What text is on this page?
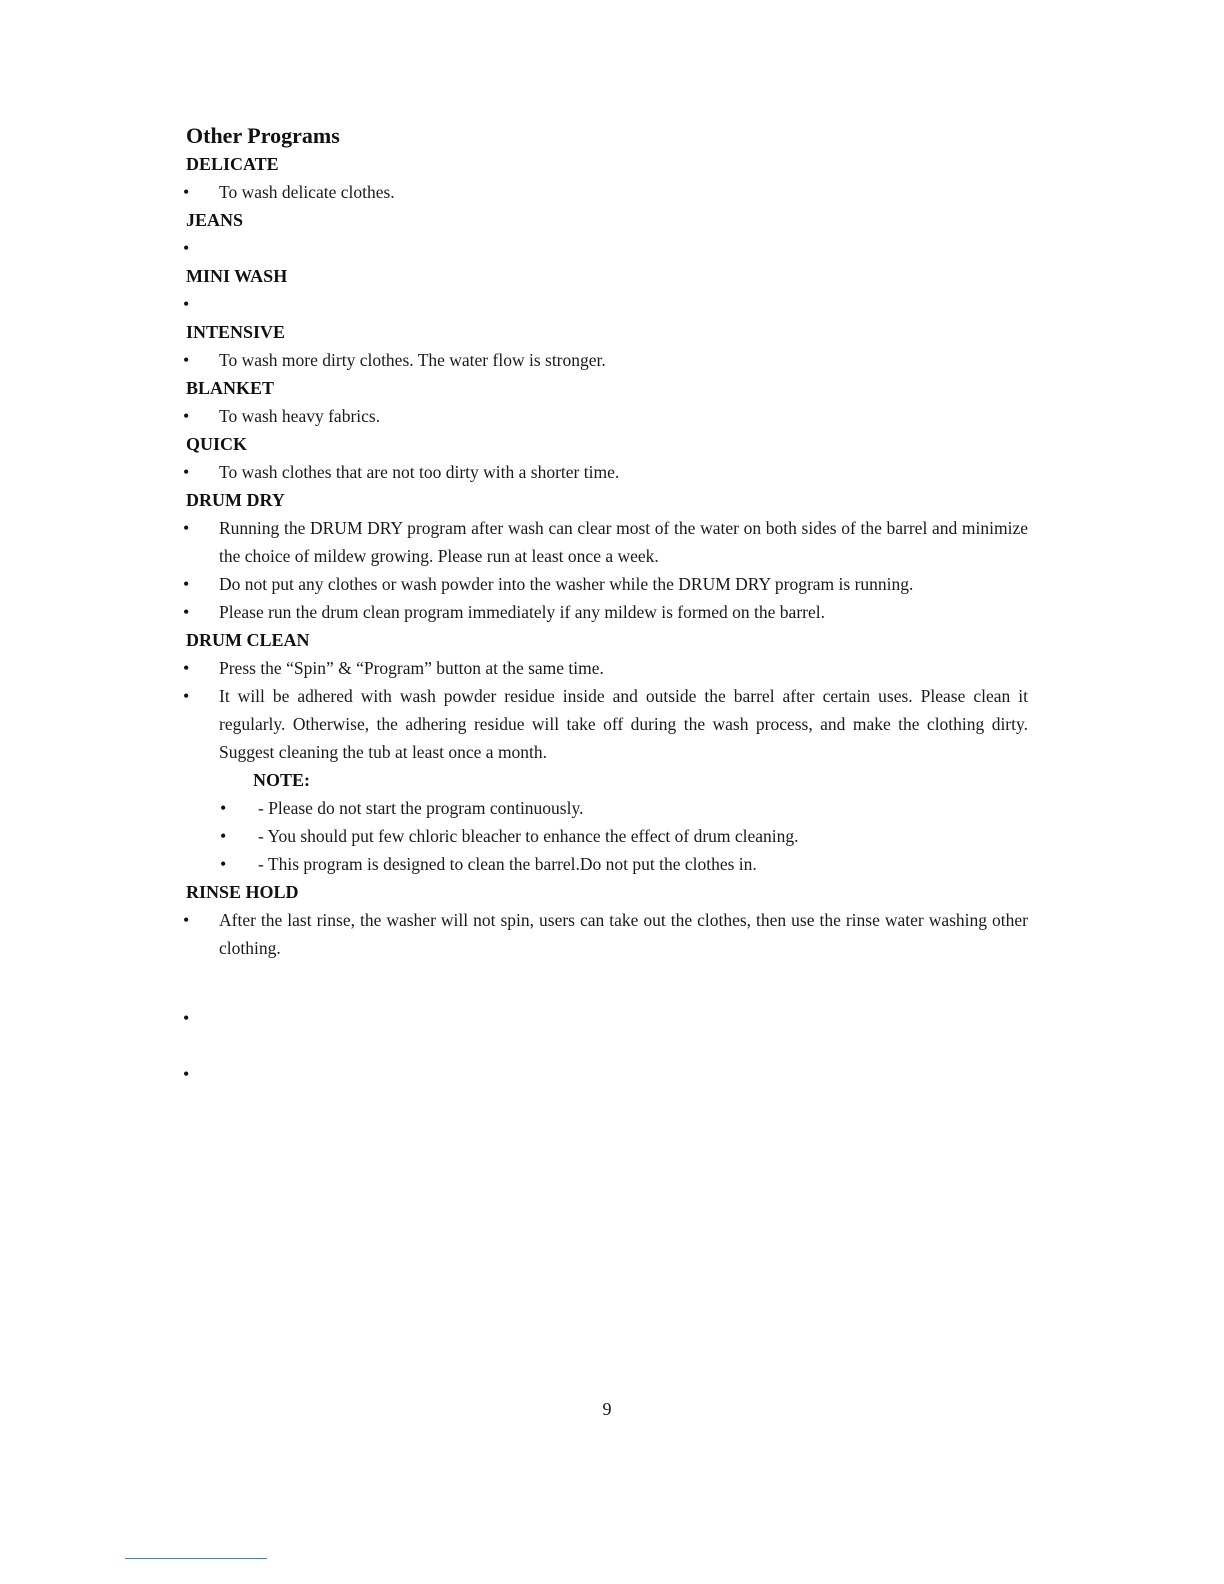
Other Programs
DELICATE
•	To wash delicate clothes.
JEANS
•
MINI WASH
•
INTENSIVE
•	To wash more dirty clothes. The water flow is stronger.
BLANKET
•	To wash heavy fabrics.
QUICK
•	To wash clothes that are not too dirty with a shorter time.
DRUM DRY
•	Running the DRUM DRY program after wash can clear most of the water on both sides of the barrel and minimize the choice of mildew growing. Please run at least once a week.
•	Do not put any clothes or wash powder into the washer while the DRUM DRY program is running.
•	Please run the drum clean program immediately if any mildew is formed on the barrel.
DRUM CLEAN
•	Press the “Spin” & “Program” button at the same time.
•	It will be adhered with wash powder residue inside and outside the barrel after certain uses. Please clean it regularly. Otherwise, the adhering residue will take off during the wash process, and make the clothing dirty. Suggest cleaning the tub at least once a month.
NOTE:
•	- Please do not start the program continuously.
•	- You should put few chloric bleacher to enhance the effect of drum cleaning.
•	- This program is designed to clean the barrel.Do not put the clothes in.
RINSE HOLD
•	After the last rinse, the washer will not spin, users can take out the clothes, then use the rinse water washing other clothing.
•
•
9
